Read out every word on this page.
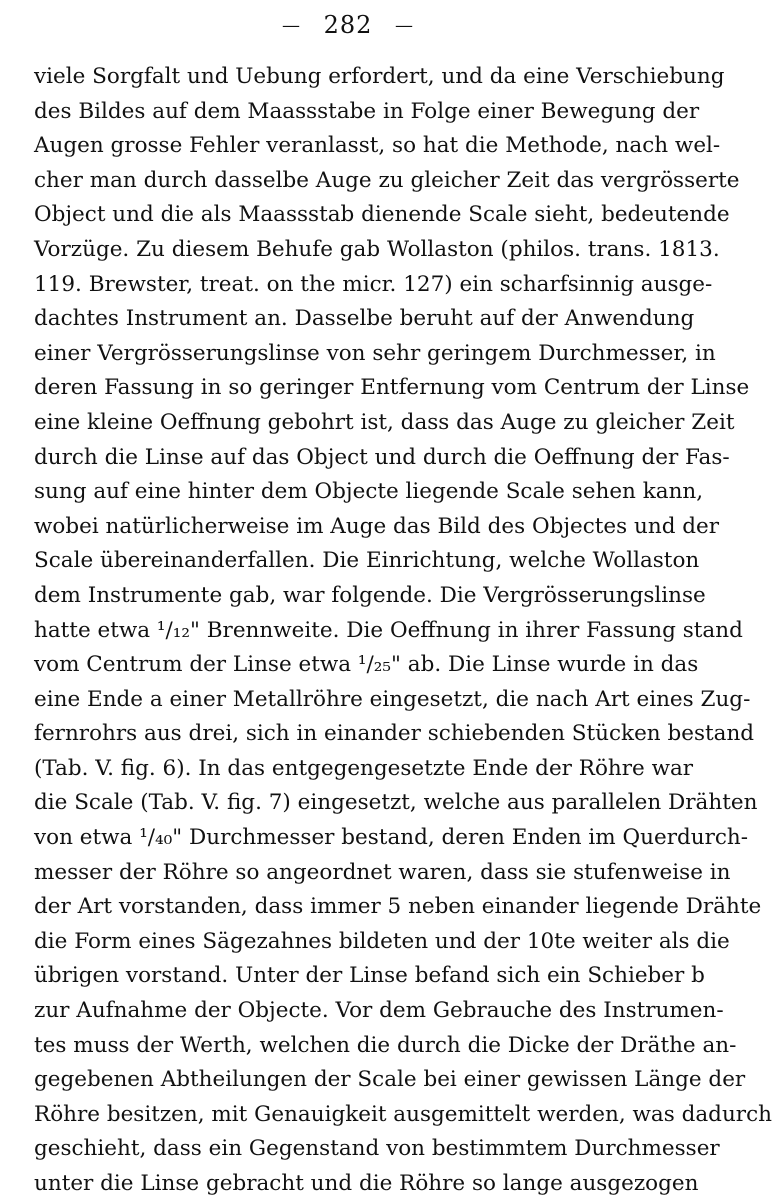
— 282 —
viele Sorgfalt und Uebung erfordert, und da eine Verschiebung
des Bildes auf dem Maassstabe in Folge einer Bewegung der
Augen grosse Fehler veranlasst, so hat die Methode, nach wel-
cher man durch dasselbe Auge zu gleicher Zeit das vergrösserte
Object und die als Maassstab dienende Scale sieht, bedeutende
Vorzüge. Zu diesem Behufe gab Wollaston (philos. trans. 1813.
119. Brewster, treat. on the micr. 127) ein scharfsinnig ausge-
dachtes Instrument an. Dasselbe beruht auf der Anwendung
einer Vergrösserungslinse von sehr geringem Durchmesser, in
deren Fassung in so geringer Entfernung vom Centrum der Linse
eine kleine Oeffnung gebohrt ist, dass das Auge zu gleicher Zeit
durch die Linse auf das Object und durch die Oeffnung der Fas-
sung auf eine hinter dem Objecte liegende Scale sehen kann,
wobei natürlicherweise im Auge das Bild des Objectes und der
Scale übereinanderfallen. Die Einrichtung, welche Wollaston
dem Instrumente gab, war folgende. Die Vergrösserungslinse
hatte etwa ¹/₁₂" Brennweite. Die Oeffnung in ihrer Fassung stand
vom Centrum der Linse etwa ¹/₂₅" ab. Die Linse wurde in das
eine Ende a einer Metallröhre eingesetzt, die nach Art eines Zug-
fernrohrs aus drei, sich in einander schiebenden Stücken bestand
(Tab. V. fig. 6). In das entgegengesetzte Ende der Röhre war
die Scale (Tab. V. fig. 7) eingesetzt, welche aus parallelen Drähten
von etwa ¹/₄₀" Durchmesser bestand, deren Enden im Querdurch-
messer der Röhre so angeordnet waren, dass sie stufenweise in
der Art vorstanden, dass immer 5 neben einander liegende Drähte
die Form eines Sägezahnes bildeten und der 10te weiter als die
übrigen vorstand. Unter der Linse befand sich ein Schieber b
zur Aufnahme der Objecte. Vor dem Gebrauche des Instrumen-
tes muss der Werth, welchen die durch die Dicke der Dräthe an-
gegebenen Abtheilungen der Scale bei einer gewissen Länge der
Röhre besitzen, mit Genauigkeit ausgemittelt werden, was dadurch
geschieht, dass ein Gegenstand von bestimmtem Durchmesser
unter die Linse gebracht und die Röhre so lange ausgezogen
